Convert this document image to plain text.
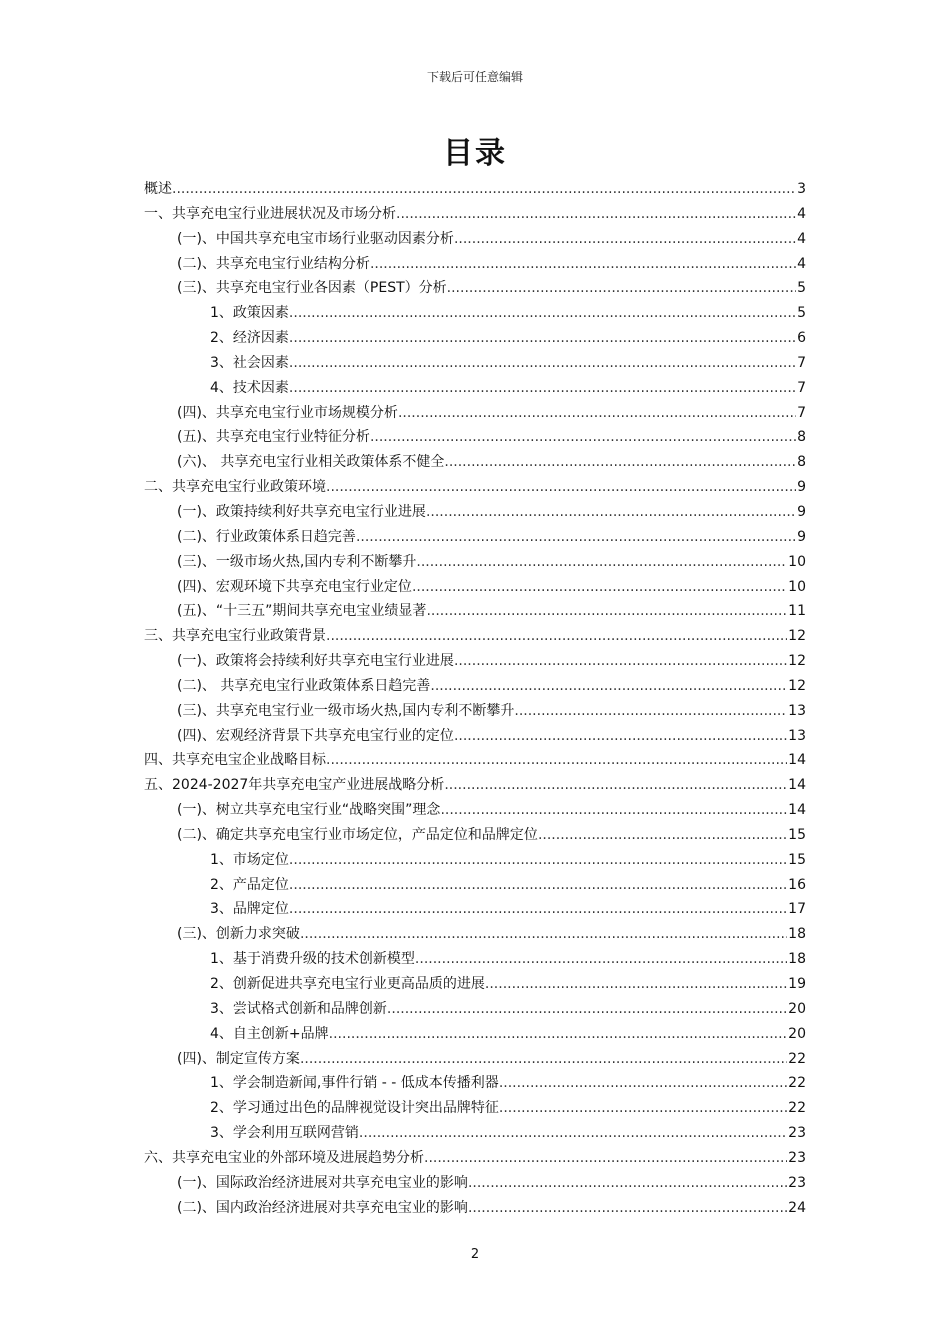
下载后可任意编辑
目录
概述 .....	3
一、共享充电宝行业进展状况及市场分析 .....	4
(一)、中国共享充电宝市场行业驱动因素分析 .....	4
(二)、共享充电宝行业结构分析 .....	4
(三)、共享充电宝行业各因素（PEST）分析 .....	5
1、政策因素 .....	5
2、经济因素 .....	6
3、社会因素 .....	7
4、技术因素 .....	7
(四)、共享充电宝行业市场规模分析 .....	7
(五)、共享充电宝行业特征分析 .....	8
(六)、 共享充电宝行业相关政策体系不健全 .....	8
二、共享充电宝行业政策环境 .....	9
(一)、政策持续利好共享充电宝行业进展 .....	9
(二)、行业政策体系日趋完善 .....	9
(三)、一级市场火热,国内专利不断攀升 .....	10
(四)、宏观环境下共享充电宝行业定位 .....	10
(五)、“十三五”期间共享充电宝业绩显著 .....	11
三、共享充电宝行业政策背景 .....	12
(一)、政策将会持续利好共享充电宝行业进展 .....	12
(二)、 共享充电宝行业政策体系日趋完善 .....	12
(三)、共享充电宝行业一级市场火热,国内专利不断攀升 .....	13
(四)、宏观经济背景下共享充电宝行业的定位 .....	13
四、共享充电宝企业战略目标 .....	14
五、2024-2027年共享充电宝产业进展战略分析 .....	14
(一)、树立共享充电宝行业“战略突围”理念 .....	14
(二)、确定共享充电宝行业市场定位，产品定位和品牌定位 .....	15
1、市场定位 .....	15
2、产品定位 .....	16
3、品牌定位 .....	17
(三)、创新力求突破 .....	18
1、基于消费升级的技术创新模型 .....	18
2、创新促进共享充电宝行业更高品质的进展 .....	19
3、尝试格式创新和品牌创新 .....	20
4、自主创新+品牌 .....	20
(四)、制定宣传方案 .....	22
1、学会制造新闻,事件行销 - - 低成本传播利器 .....	22
2、学习通过出色的品牌视觉设计突出品牌特征 .....	22
3、学会利用互联网营销 .....	23
六、共享充电宝业的外部环境及进展趋势分析 .....	23
(一)、国际政治经济进展对共享充电宝业的影响 .....	23
(二)、国内政治经济进展对共享充电宝业的影响 .....	24
2
